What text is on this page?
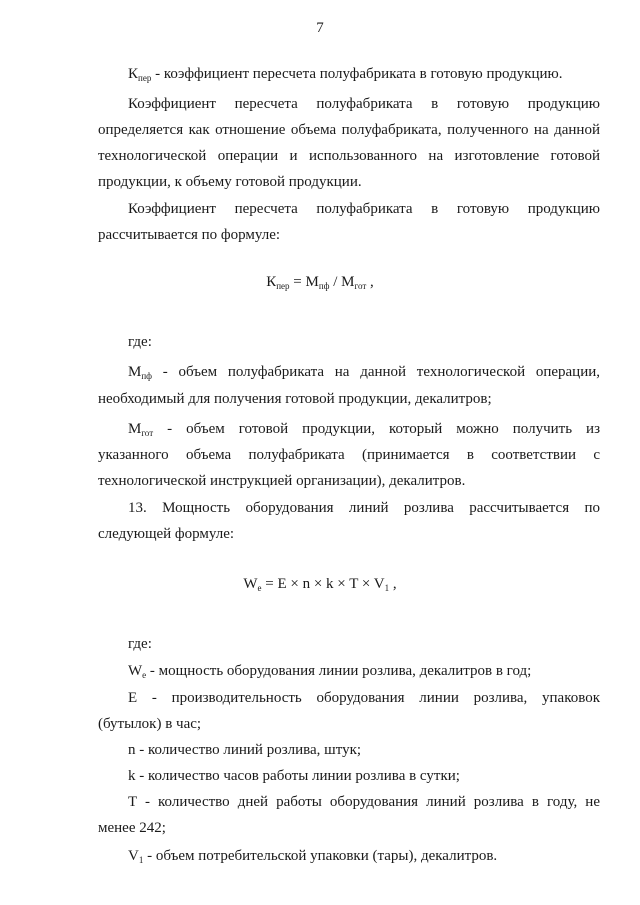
7
$К_{пер}$ - коэффициент пересчета полуфабриката в готовую продукцию.
Коэффициент пересчета полуфабриката в готовую продукцию
определяется как отношение объема полуфабриката, полученного на данной
технологической операции и использованного на изготовление готовой
продукции, к объему готовой продукции.
Коэффициент пересчета полуфабриката в готовую продукцию
рассчитывается по формуле:
$К_{пер} = М_{пф} / М_{гот}$ ,
где:
$М_{пф}$ - объем полуфабриката на данной технологической операции,
необходимый для получения готовой продукции, декалитров;
$М_{гот}$ - объем готовой продукции, который можно получить из
указанного объема полуфабриката (принимается в соответствии с
технологической инструкцией организации), декалитров.
13. Мощность оборудования линий розлива рассчитывается по
следующей формуле:
$W_e = E \times n \times k \times T \times V_1$ ,
где:
$W_e$ - мощность оборудования линии розлива, декалитров в год;
E - производительность оборудования линии розлива, упаковок
(бутылок) в час;
n - количество линий розлива, штук;
k - количество часов работы линии розлива в сутки;
T - количество дней работы оборудования линий розлива в году, не
менее 242;
$V_1$ - объем потребительской упаковки (тары), декалитров.
